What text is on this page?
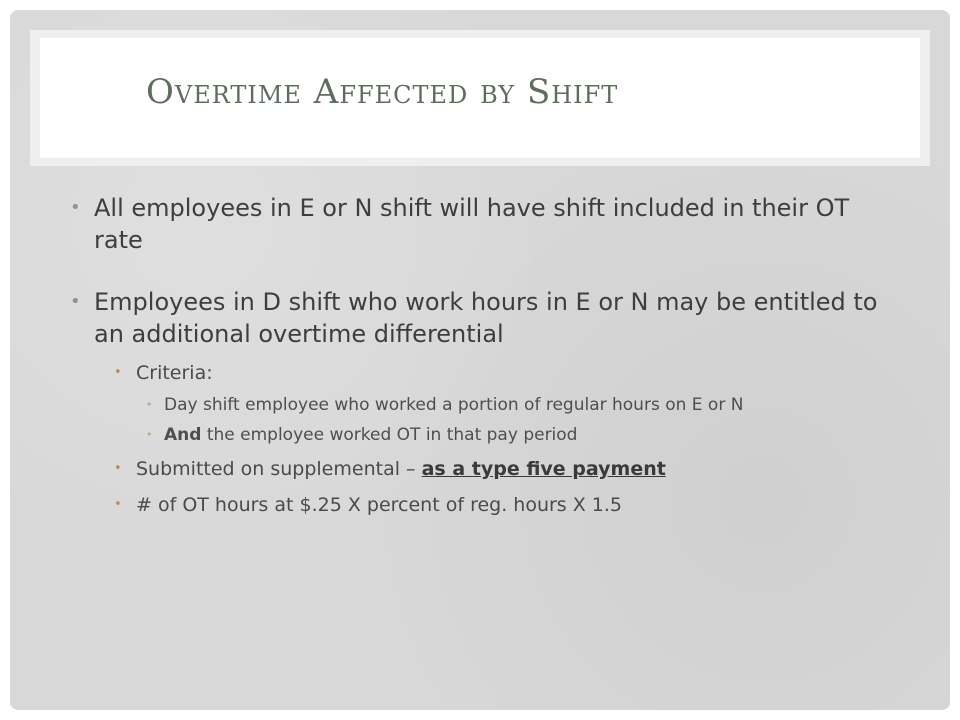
Overtime Affected by Shift
• All employees in E or N shift will have shift included in their OT rate
• Employees in D shift who work hours in E or N may be entitled to an additional overtime differential
• Criteria:
• Day shift employee who worked a portion of regular hours on E or N
• And the employee worked OT in that pay period
• Submitted on supplemental – as a type five payment
• # of OT hours at $.25 X percent of reg. hours X 1.5
